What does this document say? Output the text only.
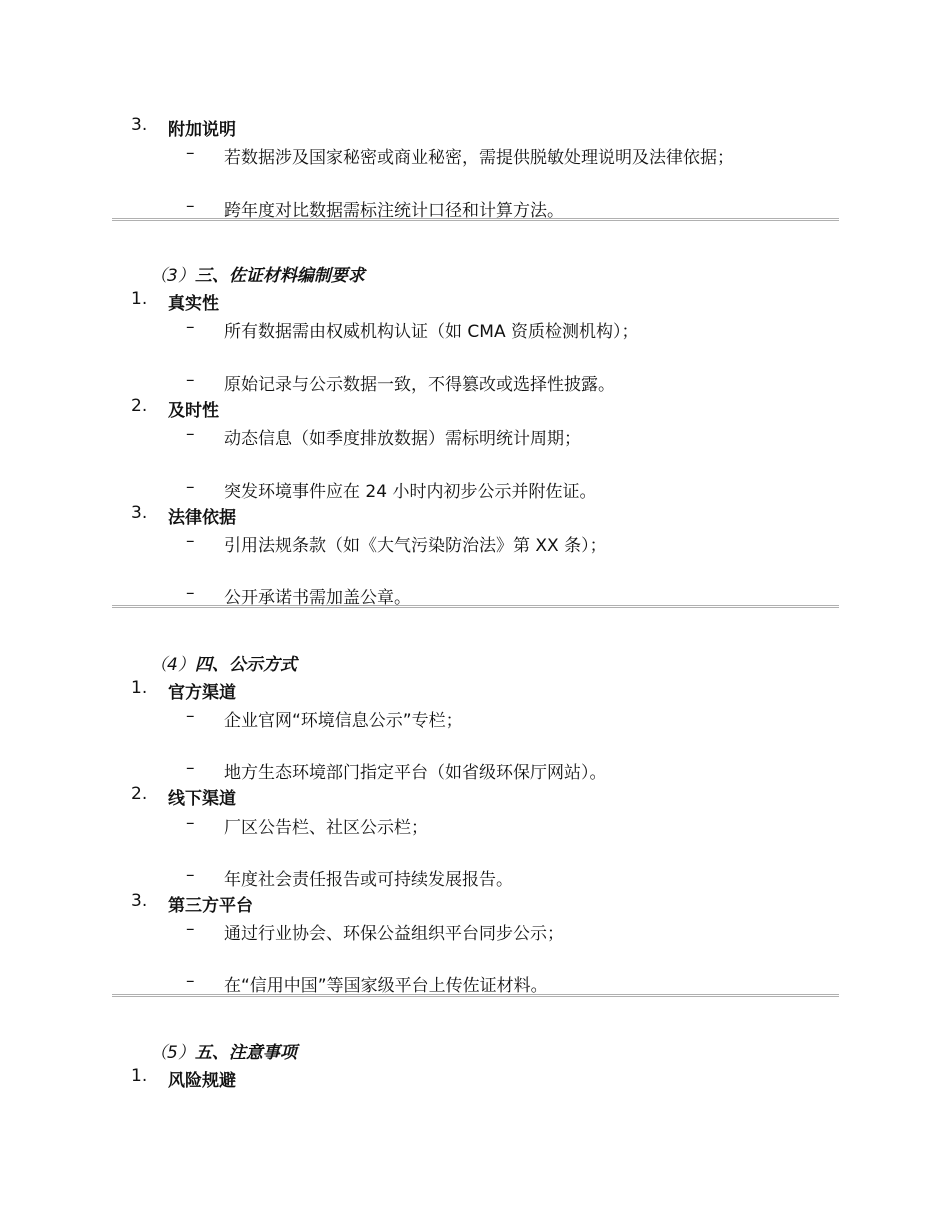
3. 附加说明
– 若数据涉及国家秘密或商业秘密，需提供脱敏处理说明及法律依据；
– 跨年度对比数据需标注统计口径和计算方法。
（3）三、佐证材料编制要求
1. 真实性
– 所有数据需由权威机构认证（如 CMA 资质检测机构）；
– 原始记录与公示数据一致，不得篡改或选择性披露。
2. 及时性
– 动态信息（如季度排放数据）需标明统计周期；
– 突发环境事件应在 24 小时内初步公示并附佐证。
3. 法律依据
– 引用法规条款（如《大气污染防治法》第 XX 条）；
– 公开承诺书需加盖公章。
（4）四、公示方式
1. 官方渠道
– 企业官网“环境信息公示”专栏；
– 地方生态环境部门指定平台（如省级环保厅网站）。
2. 线下渠道
– 厂区公告栏、社区公示栏；
– 年度社会责任报告或可持续发展报告。
3. 第三方平台
– 通过行业协会、环保公益组织平台同步公示；
– 在“信用中国”等国家级平台上传佐证材料。
（5）五、注意事项
1. 风险规避
